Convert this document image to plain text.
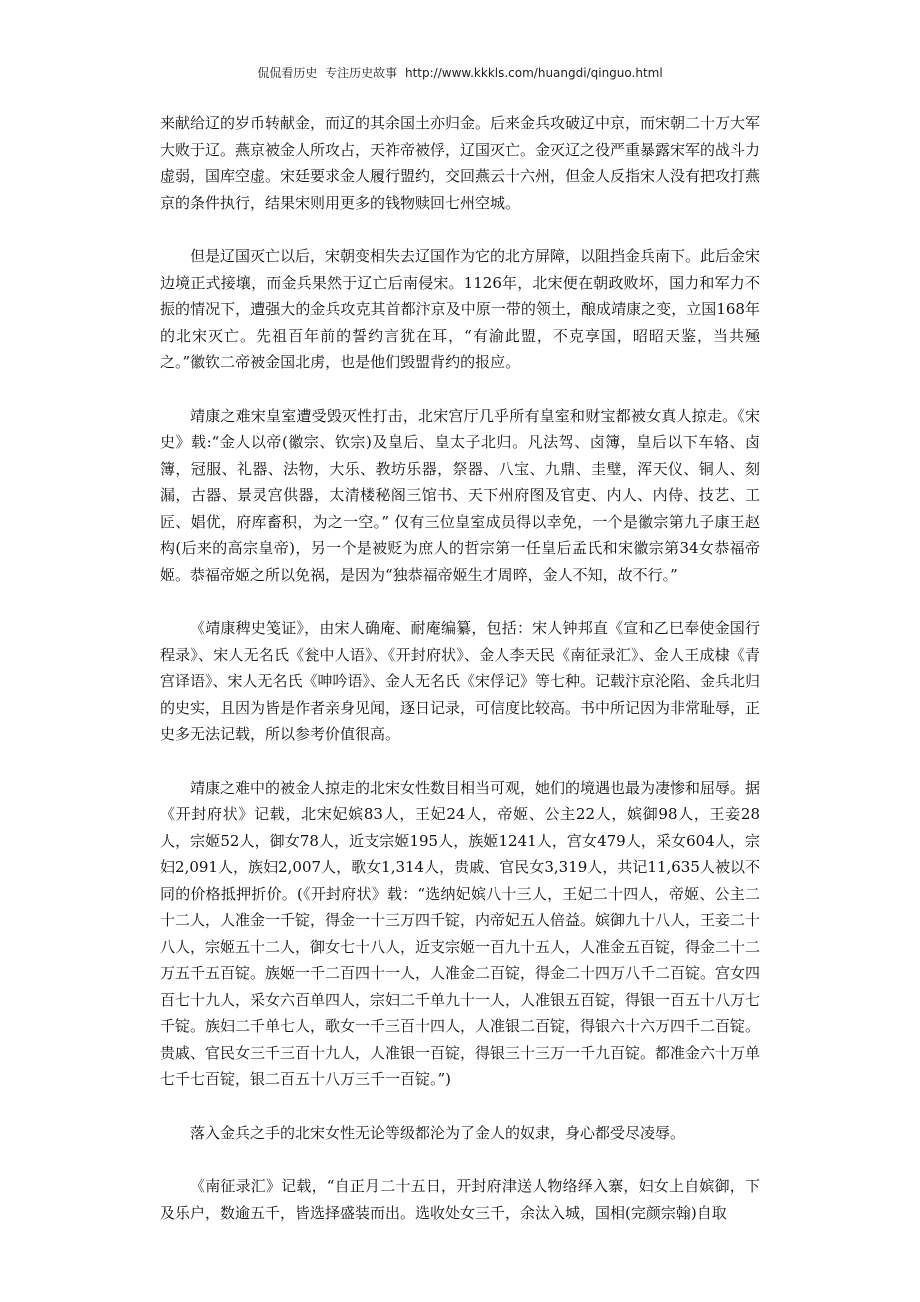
侃侃看历史 专注历史故事 http://www.kkkls.com/huangdi/qinguo.html

来献给辽的岁币转献金，而辽的其余国土亦归金。后来金兵攻破辽中京，而宋朝二十万大军大败于辽。燕京被金人所攻占，天祚帝被俘，辽国灭亡。金灭辽之役严重暴露宋军的战斗力虚弱，国库空虚。宋廷要求金人履行盟约，交回燕云十六州，但金人反指宋人没有把攻打燕京的条件执行，结果宋则用更多的钱物赎回七州空城。

但是辽国灭亡以后，宋朝变相失去辽国作为它的北方屏障，以阻挡金兵南下。此后金宋边境正式接壤，而金兵果然于辽亡后南侵宋。1126年，北宋便在朝政败坏，国力和军力不振的情况下，遭强大的金兵攻克其首都汴京及中原一带的领土，酿成靖康之变，立国168年的北宋灭亡。先祖百年前的誓约言犹在耳，“有渝此盟，不克享国，昭昭天鉴，当共殛之。”徽钦二帝被金国北虏，也是他们毁盟背约的报应。

靖康之难宋皇室遭受毁灭性打击，北宋宫厅几乎所有皇室和财宝都被女真人掠走。《宋史》载:“金人以帝(徽宗、钦宗)及皇后、皇太子北归。凡法驾、卤簿，皇后以下车辂、卤簿，冠服、礼器、法物，大乐、教坊乐器，祭器、八宝、九鼎、圭璧，浑天仪、铜人、刻漏，古器、景灵宫供器，太清楼秘阁三馆书、天下州府图及官吏、内人、内侍、技艺、工匠、娼优，府库畜积，为之一空。” 仅有三位皇室成员得以幸免，一个是徽宗第九子康王赵构(后来的高宗皇帝)，另一个是被贬为庶人的哲宗第一任皇后孟氏和宋徽宗第34女恭福帝姬。恭福帝姬之所以免祸，是因为“独恭福帝姬生才周晬，金人不知，故不行。”

《靖康稗史笺证》，由宋人确庵、耐庵编纂，包括：宋人钟邦直《宣和乙巳奉使金国行程录》、宋人无名氏《瓮中人语》、《开封府状》、金人李天民《南征录汇》、金人王成棣《青宫译语》、宋人无名氏《呻吟语》、金人无名氏《宋俘记》等七种。记载汴京沦陷、金兵北归的史实，且因为皆是作者亲身见闻，逐日记录，可信度比较高。书中所记因为非常耻辱，正史多无法记载，所以参考价值很高。

靖康之难中的被金人掠走的北宋女性数目相当可观，她们的境遇也最为凄惨和屈辱。据《开封府状》记载，北宋妃嫔83人，王妃24人，帝姬、公主22人，嫔御98人，王妾28人，宗姬52人，御女78人，近支宗姬195人，族姬1241人，宫女479人，采女604人，宗妇2,091人，族妇2,007人，歌女1,314人，贵戚、官民女3,319人，共记11,635人被以不同的价格抵押折价。(《开封府状》载：“选纳妃嫔八十三人，王妃二十四人，帝姬、公主二十二人，人准金一千锭，得金一十三万四千锭，内帝妃五人倍益。嫔御九十八人，王妾二十八人，宗姬五十二人，御女七十八人，近支宗姬一百九十五人，人准金五百锭，得金二十二万五千五百锭。族姬一千二百四十一人，人准金二百锭，得金二十四万八千二百锭。宫女四百七十九人，采女六百单四人，宗妇二千单九十一人，人准银五百锭，得银一百五十八万七千锭。族妇二千单七人，歌女一千三百十四人，人准银二百锭，得银六十六万四千二百锭。贵戚、官民女三千三百十九人，人准银一百锭，得银三十三万一千九百锭。都准金六十万单七千七百锭，银二百五十八万三千一百锭。”)

落入金兵之手的北宋女性无论等级都沦为了金人的奴隶，身心都受尽凌辱。

《南征录汇》记载，“自正月二十五日，开封府津送人物络绎入寨，妇女上自嫔御，下及乐户，数逾五千，皆选择盛装而出。选收处女三千，余汰入城，国相(完颜宗翰)自取
